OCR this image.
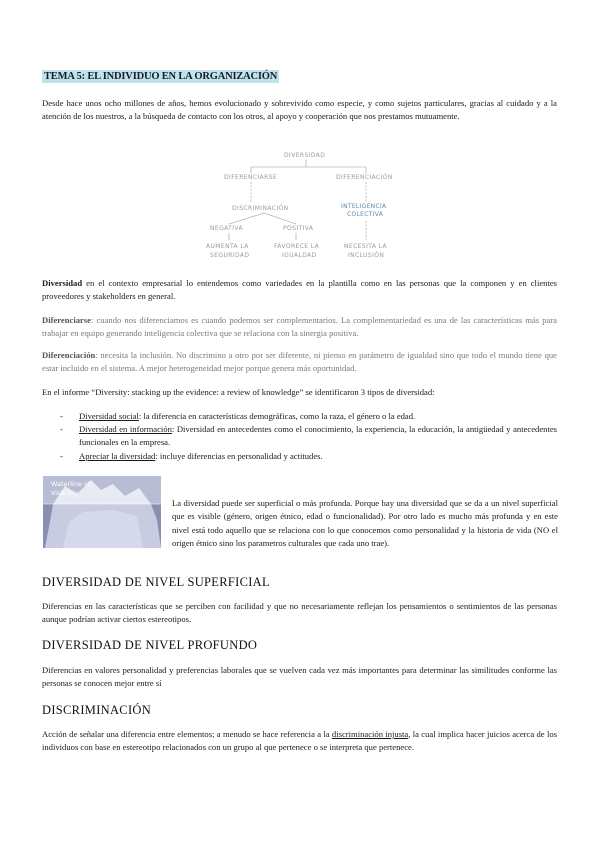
TEMA 5: EL INDIVIDUO EN LA ORGANIZACIÓN

Desde hace unos ocho millones de años, hemos evolucionado y sobrevivido como especie, y como sujetos particulares, gracias al cuidado y a la atención de los nuestros, a la búsqueda de contacto con los otros, al apoyo y cooperación que nos prestamos mutuamente.

DIVERSIDAD
DIFERENCIARSE	DIFERENCIACIÓN
DISCRIMINACIÓN	INTELIGENCIA
COLECTIVA
NEGATIVA	POSITIVA
AUMENTA LA
SEGURIDAD
FAVORECE LA
IGUALDAD
NECESITA LA
INCLUSIÓN

Diversidad en el contexto empresarial lo entendemos como variedades en la plantilla como en las personas que la componen y en clientes proveedores y stakeholders en general.

Diferenciarse: cuando nos diferenciamos es cuando podemos ser complementarios. La complementariedad es una de las características más para trabajar en equipo generando inteligencia colectiva que se relaciona con la sinergia positiva.

Diferenciación: necesita la inclusión. No discrimino a otro por ser diferente, ni pienso en parámetro de igualdad sino que todo el mundo tiene que estar incluido en el sistema. A mejor heterogeneidad mejor porque genera más oportunidad.

En el informe “Diversity: stacking up the evidence: a review of knowledge” se identificaron 3 tipos de diversidad:

- Diversidad social: la diferencia en características demográficas, como la raza, el género o la edad.
- Diversidad en información: Diversidad en antecedentes como el conocimiento, la experiencia, la educación, la antigüedad y antecedentes funcionales en la empresa.
- Apreciar la diversidad: incluye diferencias en personalidad y actitudes.
Waterline of
Visibility

La diversidad puede ser superficial o más profunda. Porque hay una diversidad que se da a un nivel superficial que es visible (género, origen étnico, edad o funcionalidad). Por otro lado es mucho más profunda y en este nivel está todo aquello que se relaciona con lo que conocemos como personalidad y la historia de vida (NO el origen étnico sino los parametros culturales que cada uno trae).

DIVERSIDAD DE NIVEL SUPERFICIAL

Diferencias en las características que se perciben con facilidad y que no necesariamente reflejan los pensamientos o sentimientos de las personas aunque podrían activar ciertos estereotipos.

DIVERSIDAD DE NIVEL PROFUNDO

Diferencias en valores personalidad y preferencias laborales que se vuelven cada vez más importantes para determinar las similitudes conforme las personas se conocen mejor entre sí

DISCRIMINACIÓN

Acción de señalar una diferencia entre elementos; a menudo se hace referencia a la discriminación injusta, la cual implica hacer juicios acerca de los individuos con base en estereotipo relacionados con un grupo al que pertenece o se interpreta que pertenece.
